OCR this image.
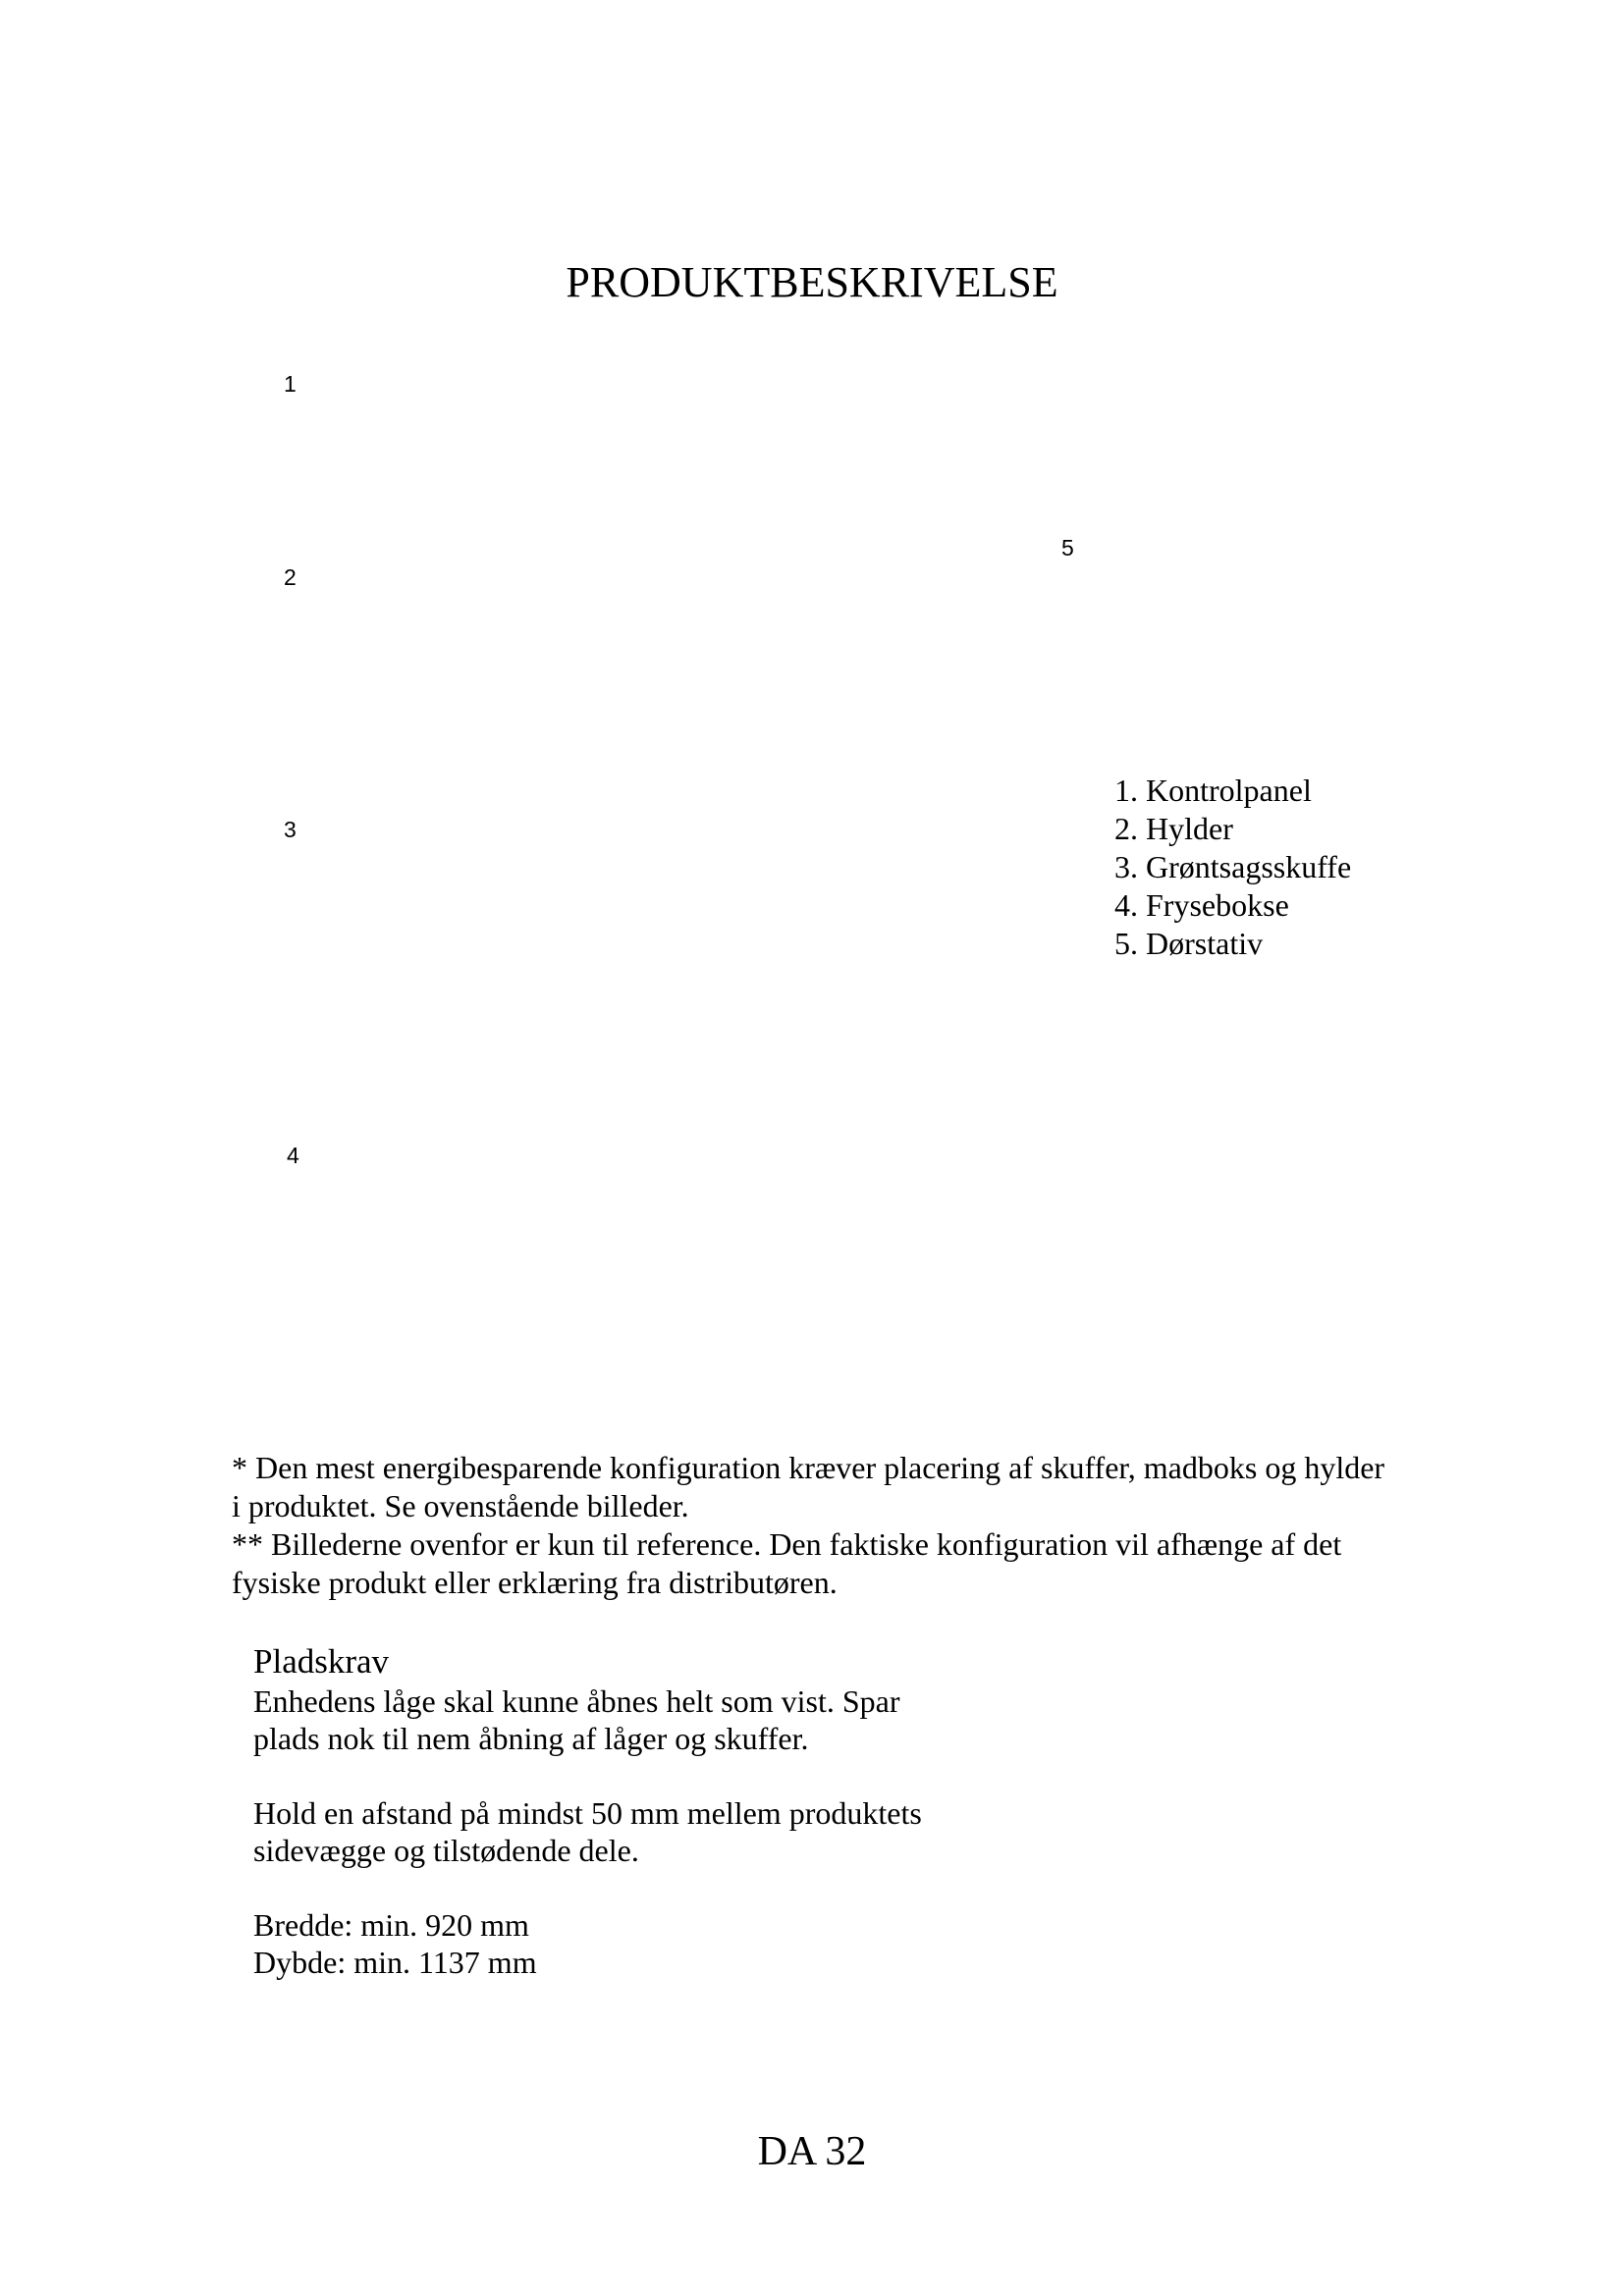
PRODUKTBESKRIVELSE
1
2
3
4
5
1. Kontrolpanel
2. Hylder
3. Grøntsagsskuffe
4. Frysebokse
5. Dørstativ
* Den mest energibesparende konfiguration kræver placering af skuffer, madboks og hylder
i produktet. Se ovenstående billeder.
** Billederne ovenfor er kun til reference. Den faktiske konfiguration vil afhænge af det
fysiske produkt eller erklæring fra distributøren.
Pladskrav
Enhedens låge skal kunne åbnes helt som vist. Spar
plads nok til nem åbning af låger og skuffer.
Hold en afstand på mindst 50 mm mellem produktets
sidevægge og tilstødende dele.
Bredde: min. 920 mm
Dybde: min. 1137 mm
DA 32
